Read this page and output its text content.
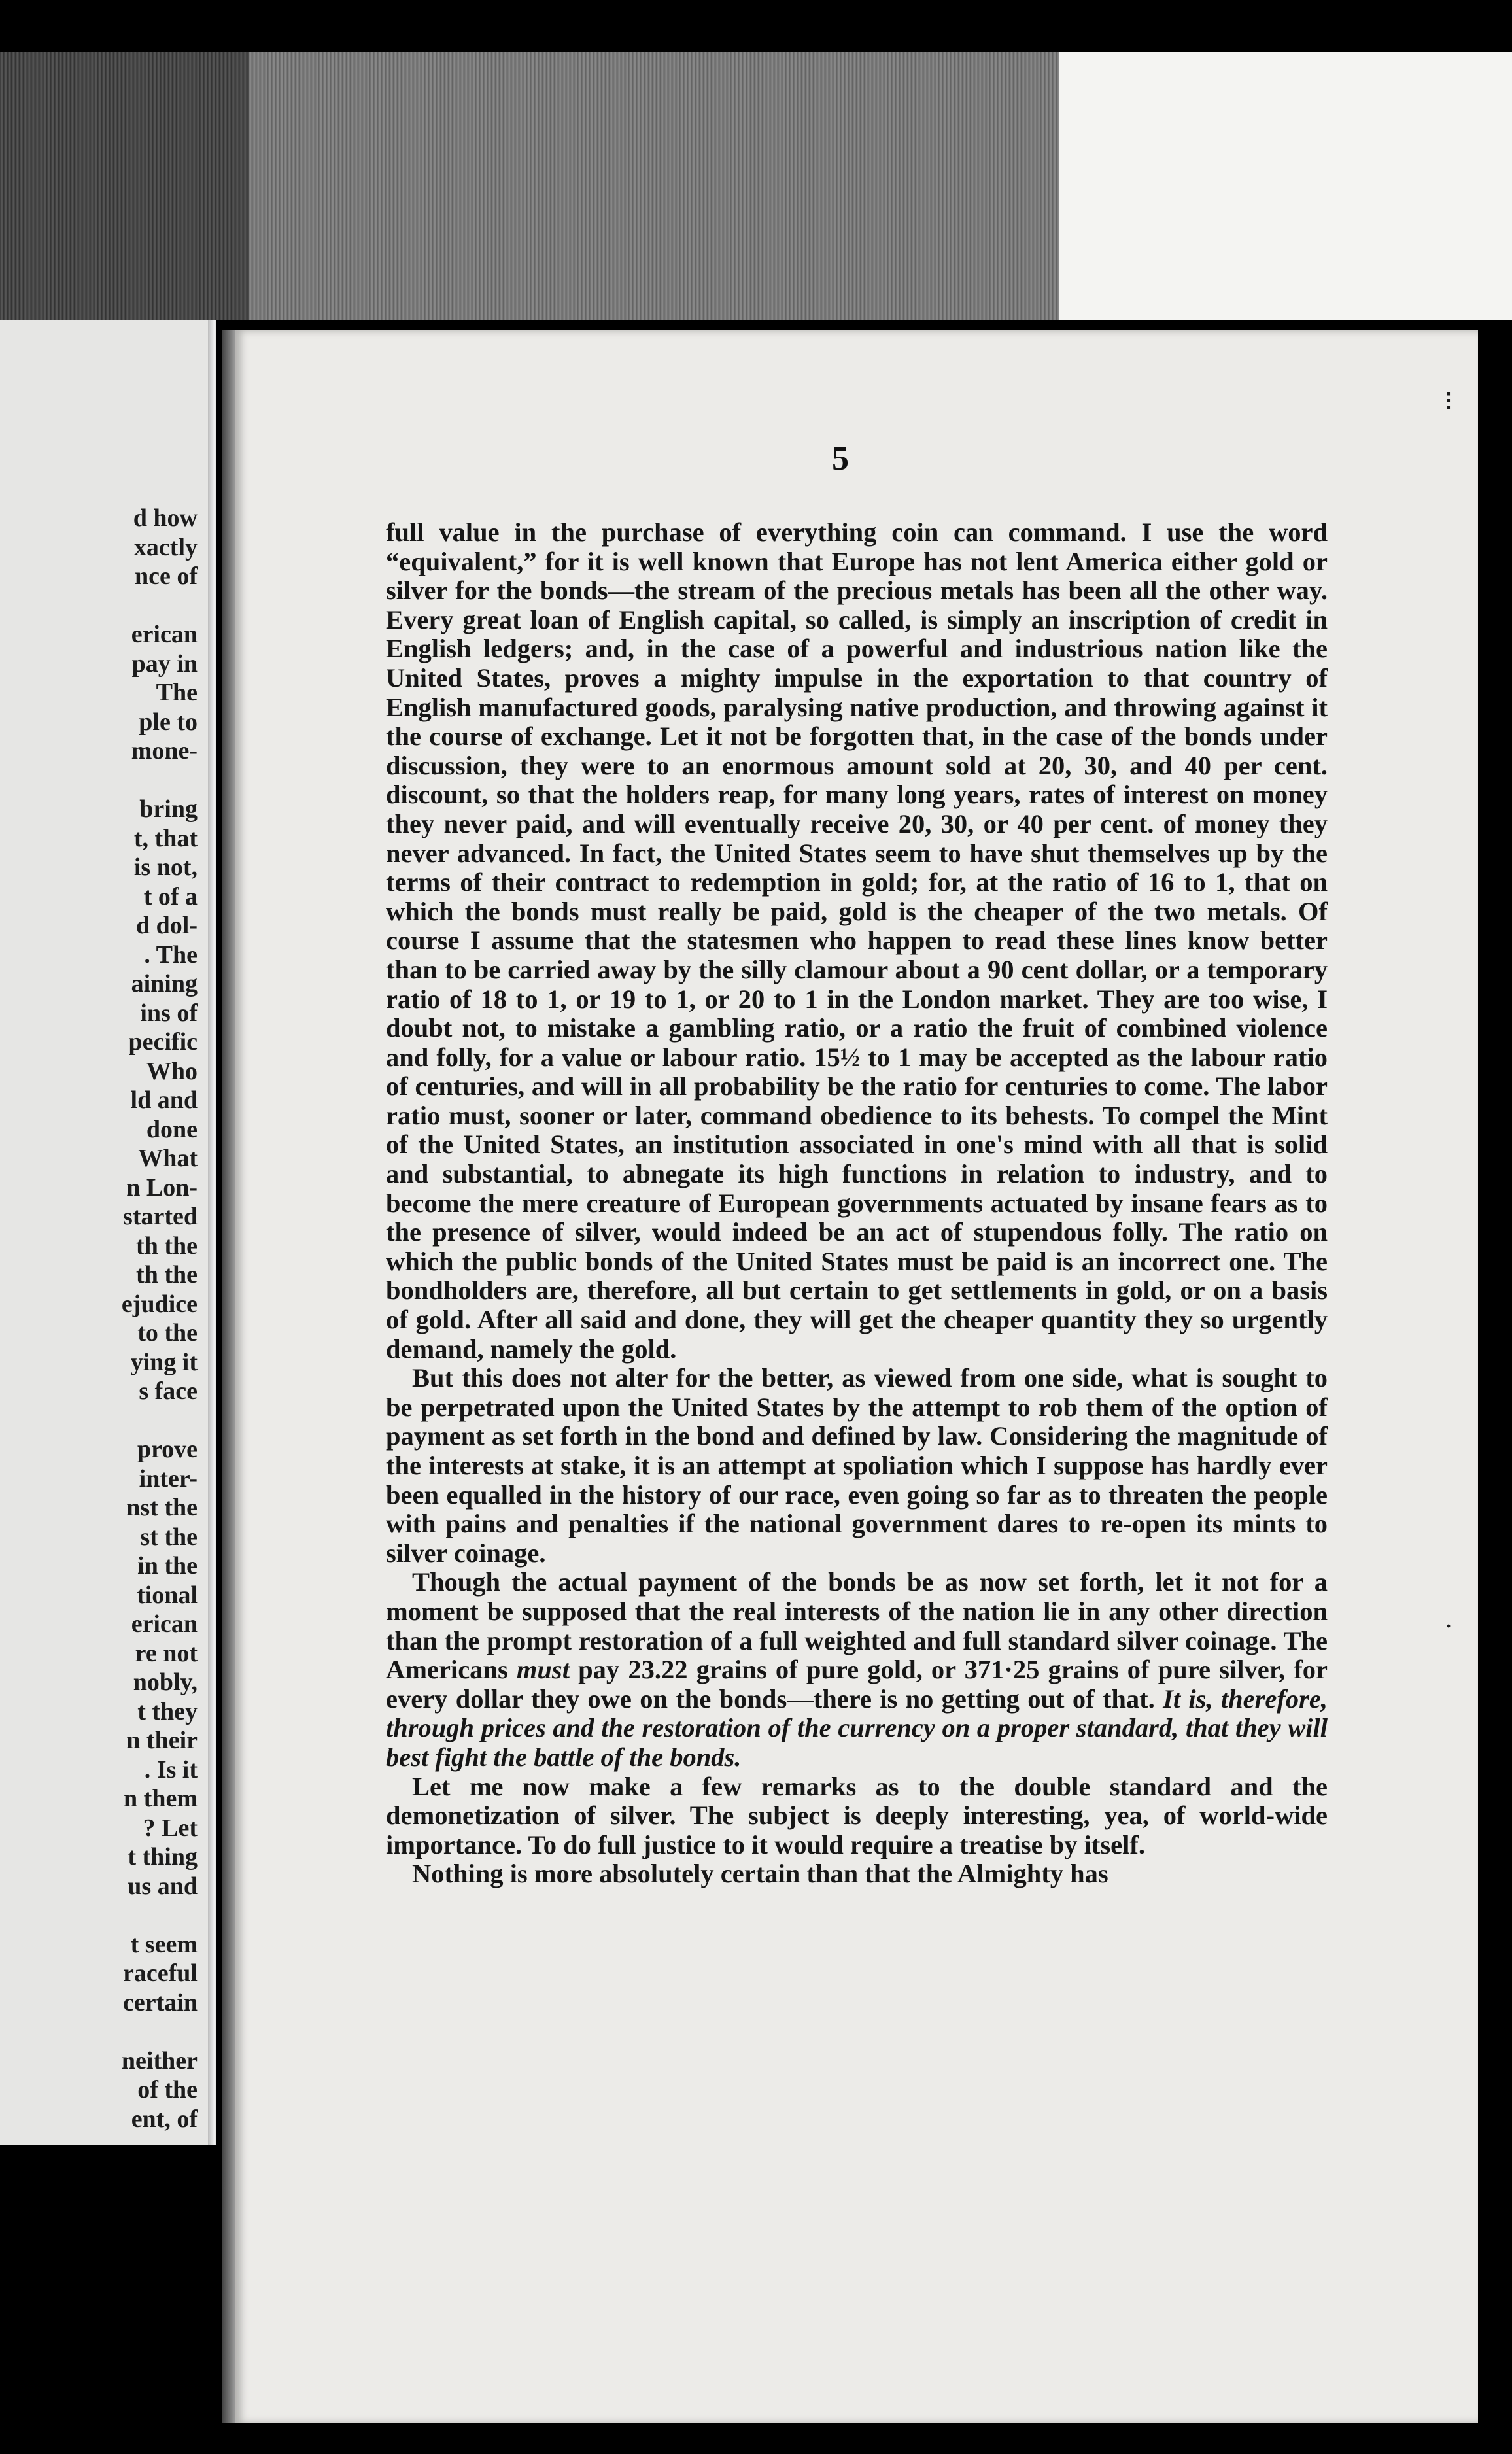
d how
xactly
nce of

erican
pay in
The
ple to
mone-

bring
t, that
is not,
t of a
d dol-
. The
aining
ins of
pecific
Who
ld and
done
What
n Lon-
started
th the
th the
ejudice
to the
ying it
s face

prove
inter-
nst the
st the
in the
tional
erican
re not
nobly,
t they
n their
. Is it
n them
? Let
t thing
us and

t seem
raceful
certain

neither
of the
ent, of
⋮
·
5

full value in the purchase of everything coin can command. I use the word “equivalent,” for it is well known that Europe has not lent America either gold or silver for the bonds—the stream of the precious metals has been all the other way. Every great loan of English capital, so called, is simply an inscription of credit in English ledgers; and, in the case of a powerful and industrious nation like the United States, proves a mighty impulse in the exportation to that country of English manufactured goods, paralysing native production, and throwing against it the course of exchange. Let it not be forgotten that, in the case of the bonds under discussion, they were to an enormous amount sold at 20, 30, and 40 per cent. discount, so that the holders reap, for many long years, rates of interest on money they never paid, and will eventually receive 20, 30, or 40 per cent. of money they never advanced. In fact, the United States seem to have shut themselves up by the terms of their contract to redemption in gold; for, at the ratio of 16 to 1, that on which the bonds must really be paid, gold is the cheaper of the two metals. Of course I assume that the statesmen who happen to read these lines know better than to be carried away by the silly clamour about a 90 cent dollar, or a temporary ratio of 18 to 1, or 19 to 1, or 20 to 1 in the London market. They are too wise, I doubt not, to mistake a gambling ratio, or a ratio the fruit of combined violence and folly, for a value or labour ratio. 15½ to 1 may be accepted as the labour ratio of centuries, and will in all probability be the ratio for centuries to come. The labor ratio must, sooner or later, command obedience to its behests. To compel the Mint of the United States, an institution associated in one's mind with all that is solid and substantial, to abnegate its high functions in relation to industry, and to become the mere creature of European governments actuated by insane fears as to the presence of silver, would indeed be an act of stupendous folly. The ratio on which the public bonds of the United States must be paid is an incorrect one. The bondholders are, therefore, all but certain to get settlements in gold, or on a basis of gold. After all said and done, they will get the cheaper quantity they so urgently demand, namely the gold.

But this does not alter for the better, as viewed from one side, what is sought to be perpetrated upon the United States by the attempt to rob them of the option of payment as set forth in the bond and defined by law. Considering the magnitude of the interests at stake, it is an attempt at spoliation which I suppose has hardly ever been equalled in the history of our race, even going so far as to threaten the people with pains and penalties if the national government dares to re-open its mints to silver coinage.

Though the actual payment of the bonds be as now set forth, let it not for a moment be supposed that the real interests of the nation lie in any other direction than the prompt restoration of a full weighted and full standard silver coinage. The Americans must pay 23.22 grains of pure gold, or 371·25 grains of pure silver, for every dollar they owe on the bonds—there is no getting out of that. It is, therefore, through prices and the restoration of the currency on a proper standard, that they will best fight the battle of the bonds.

Let me now make a few remarks as to the double standard and the demonetization of silver. The subject is deeply interesting, yea, of world-wide importance. To do full justice to it would require a treatise by itself.

Nothing is more absolutely certain than that the Almighty has
